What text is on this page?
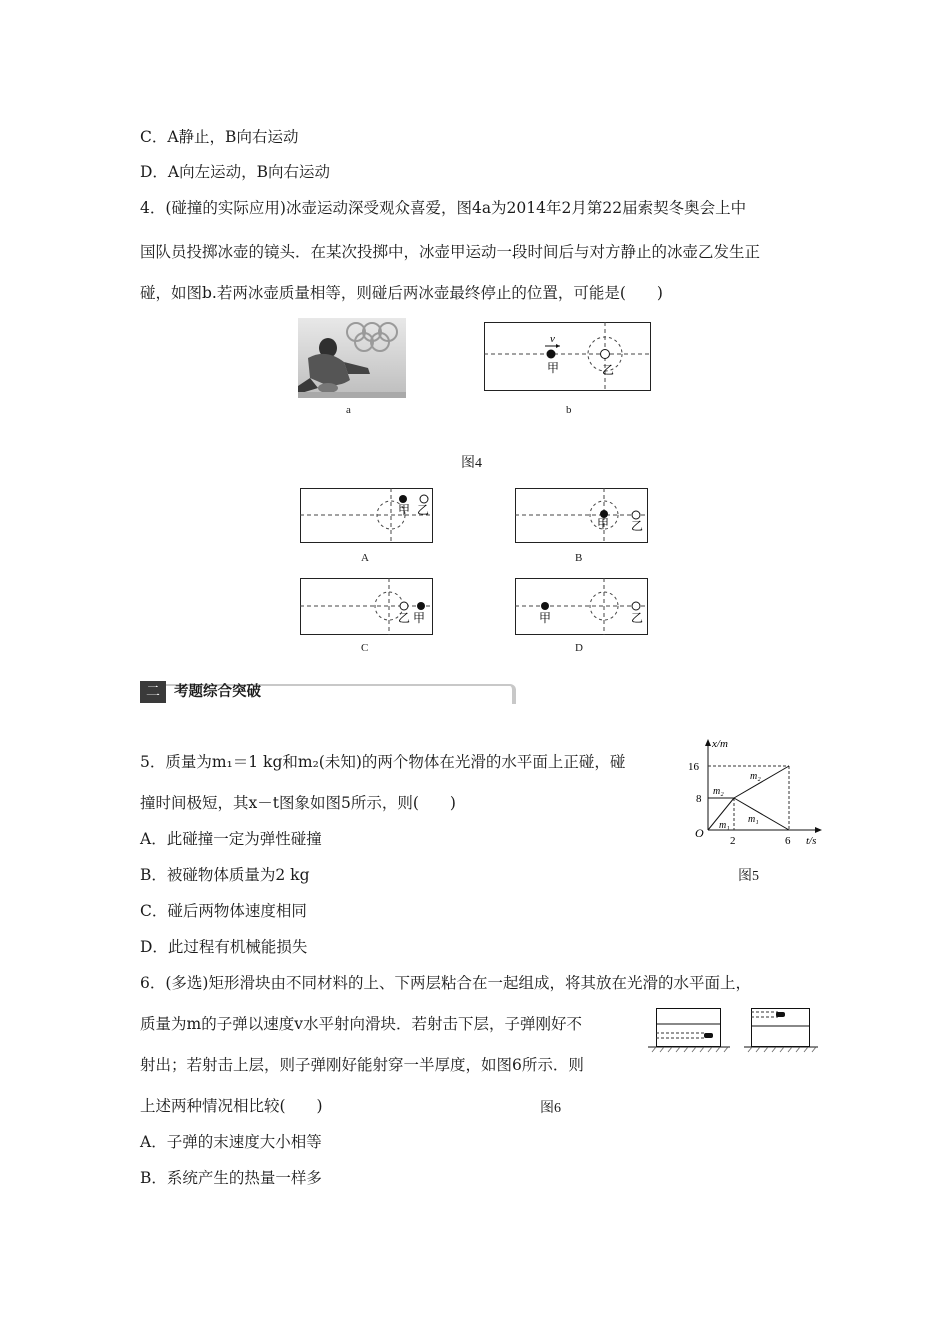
C．A静止，B向右运动
D．A向左运动，B向右运动
4．(碰撞的实际应用)冰壶运动深受观众喜爱，图4a为2014年2月第22届索契冬奥会上中
国队员投掷冰壶的镜头．在某次投掷中，冰壶甲运动一段时间后与对方静止的冰壶乙发生正
碰，如图b.若两冰壶质量相等，则碰后两冰壶最终停止的位置，可能是(　　)
a
v
甲	乙
b
图4
甲 乙
A
甲 乙
B
乙 甲
C
甲	乙
D
二 考题综合突破
5．质量为m₁＝1 kg和m₂(未知)的两个物体在光滑的水平面上正碰，碰
撞时间极短，其x－t图象如图5所示，则(　　)
A．此碰撞一定为弹性碰撞
B．被碰物体质量为2 kg
C．碰后两物体速度相同
D．此过程有机械能损失
x/m
t/s
O
16
8
2	6
m₂
m₂
m₁
m₁
图5
6．(多选)矩形滑块由不同材料的上、下两层粘合在一起组成，将其放在光滑的水平面上，
质量为m的子弹以速度v水平射向滑块．若射击下层，子弹刚好不
射出；若射击上层，则子弹刚好能射穿一半厚度，如图6所示．则
上述两种情况相比较(　　)	图6
A．子弹的末速度大小相等
B．系统产生的热量一样多
